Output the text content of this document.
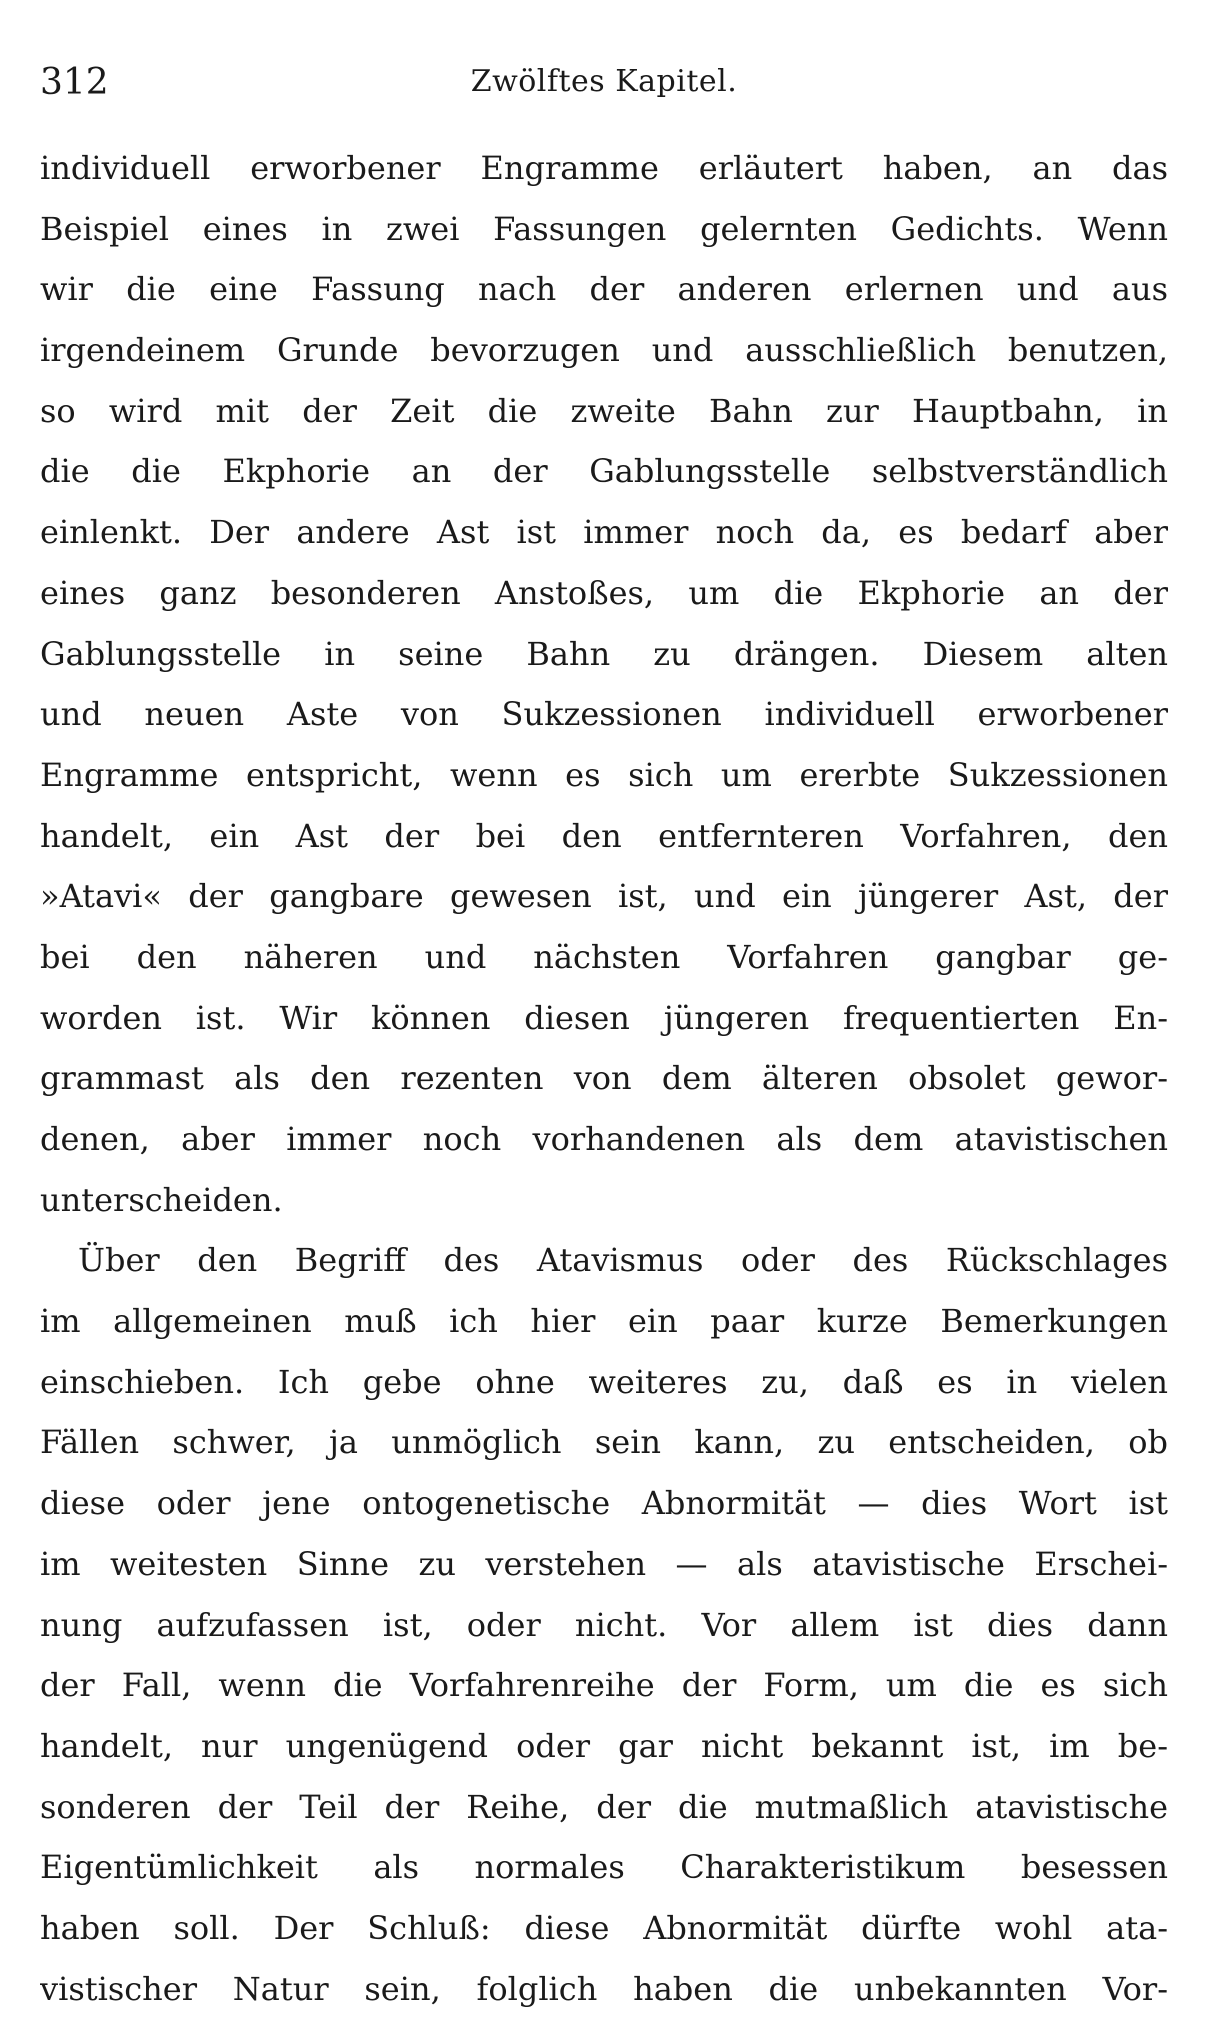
312	Zwölftes Kapitel.
individuell erworbener Engramme erläutert haben, an das
Beispiel eines in zwei Fassungen gelernten Gedichts. Wenn
wir die eine Fassung nach der anderen erlernen und aus
irgendeinem Grunde bevorzugen und ausschließlich benutzen,
so wird mit der Zeit die zweite Bahn zur Hauptbahn, in
die die Ekphorie an der Gablungsstelle selbstverständlich
einlenkt. Der andere Ast ist immer noch da, es bedarf aber
eines ganz besonderen Anstoßes, um die Ekphorie an der
Gablungsstelle in seine Bahn zu drängen. Diesem alten
und neuen Aste von Sukzessionen individuell erworbener
Engramme entspricht, wenn es sich um ererbte Sukzessionen
handelt, ein Ast der bei den entfernteren Vorfahren, den
»Atavi« der gangbare gewesen ist, und ein jüngerer Ast, der
bei den näheren und nächsten Vorfahren gangbar ge-
worden ist. Wir können diesen jüngeren frequentierten En-
grammast als den rezenten von dem älteren obsolet gewor-
denen, aber immer noch vorhandenen als dem atavistischen
unterscheiden.
Über den Begriff des Atavismus oder des Rückschlages
im allgemeinen muß ich hier ein paar kurze Bemerkungen
einschieben. Ich gebe ohne weiteres zu, daß es in vielen
Fällen schwer, ja unmöglich sein kann, zu entscheiden, ob
diese oder jene ontogenetische Abnormität — dies Wort ist
im weitesten Sinne zu verstehen — als atavistische Erschei-
nung aufzufassen ist, oder nicht. Vor allem ist dies dann
der Fall, wenn die Vorfahrenreihe der Form, um die es sich
handelt, nur ungenügend oder gar nicht bekannt ist, im be-
sonderen der Teil der Reihe, der die mutmaßlich atavistische
Eigentümlichkeit als normales Charakteristikum besessen
haben soll. Der Schluß: diese Abnormität dürfte wohl ata-
vistischer Natur sein, folglich haben die unbekannten Vor-
